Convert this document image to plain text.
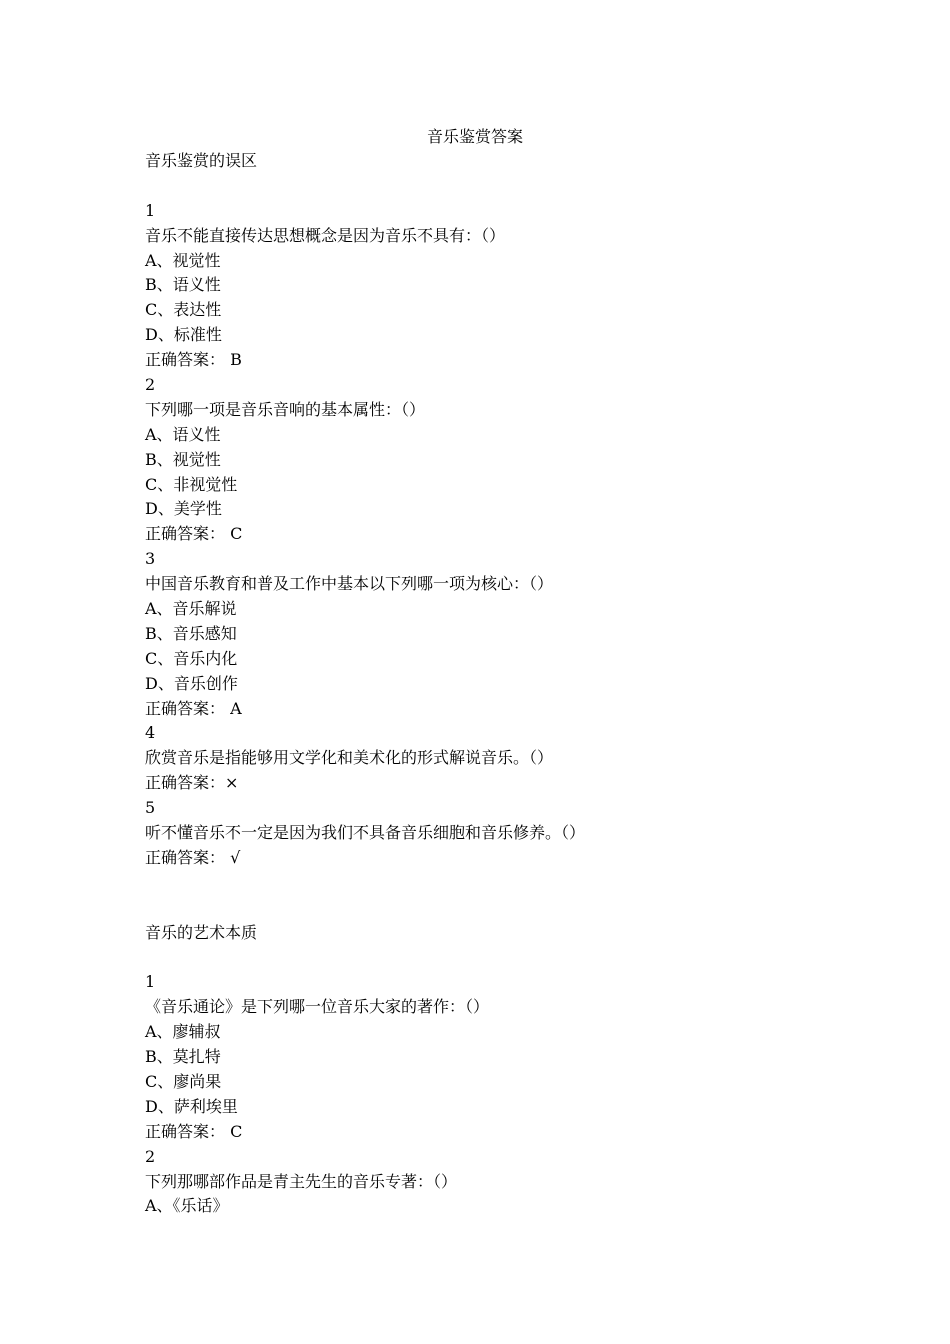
音乐鉴赏答案
音乐鉴赏的误区
1
音乐不能直接传达思想概念是因为音乐不具有：（）
A、视觉性
B、语义性
C、表达性
D、标准性
正确答案： B
2
下列哪一项是音乐音响的基本属性：（）
A、语义性
B、视觉性
C、非视觉性
D、美学性
正确答案： C
3
中国音乐教育和普及工作中基本以下列哪一项为核心：（）
A、音乐解说
B、音乐感知
C、音乐内化
D、音乐创作
正确答案： A
4
欣赏音乐是指能够用文学化和美术化的形式解说音乐。（）
正确答案：×
5
听不懂音乐不一定是因为我们不具备音乐细胞和音乐修养。（）
正确答案： √
音乐的艺术本质
1
《音乐通论》是下列哪一位音乐大家的著作：（）
A、廖辅叔
B、莫扎特
C、廖尚果
D、萨利埃里
正确答案： C
2
下列那哪部作品是青主先生的音乐专著：（）
A、《乐话》
